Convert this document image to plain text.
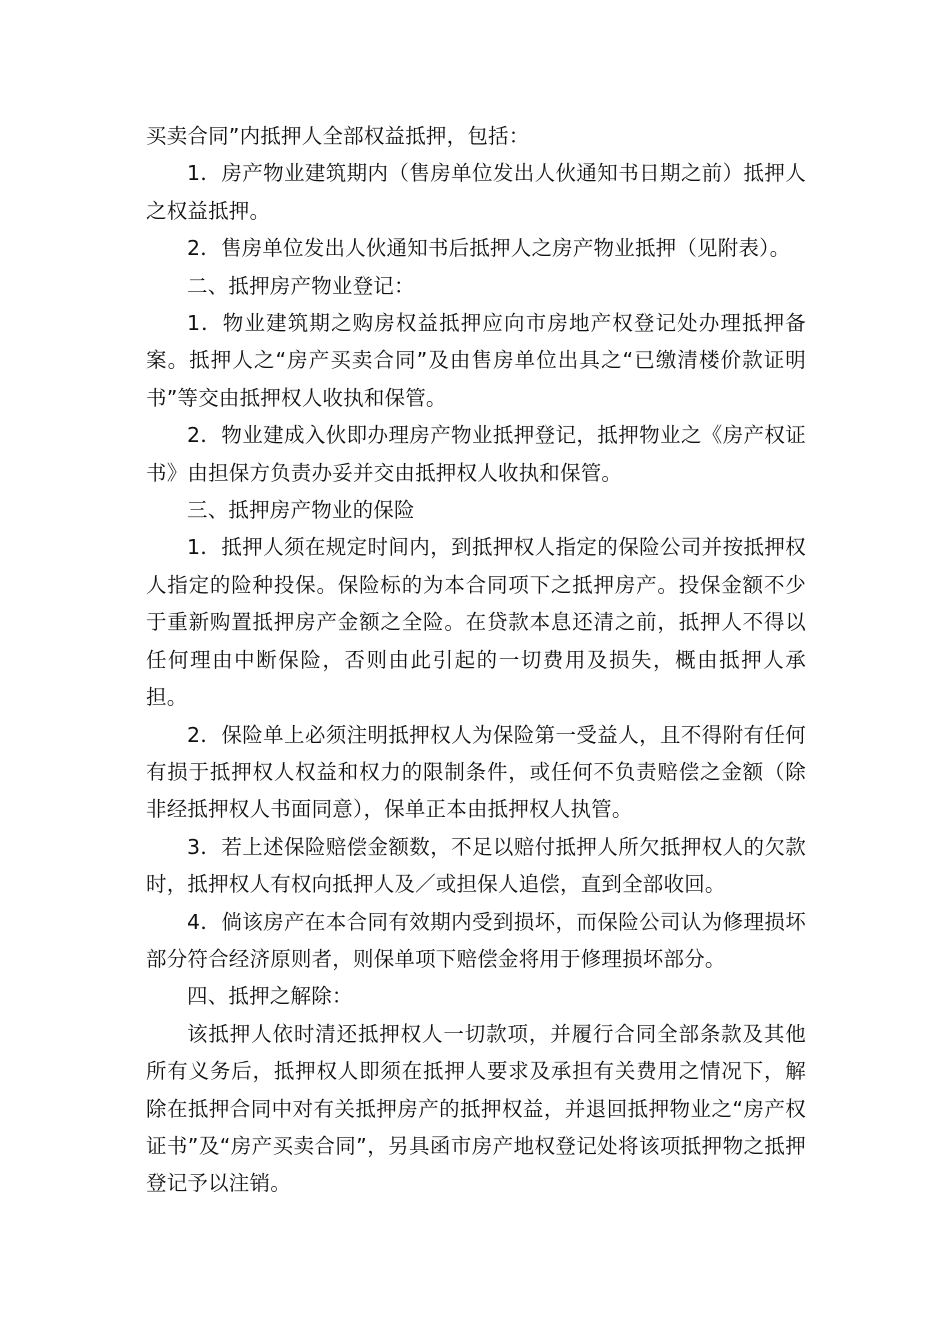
买卖合同”内抵押人全部权益抵押，包括：

1．房产物业建筑期内（售房单位发出人伙通知书日期之前）抵押人之权益抵押。

2．售房单位发出人伙通知书后抵押人之房产物业抵押（见附表）。

二、抵押房产物业登记：

1．物业建筑期之购房权益抵押应向市房地产权登记处办理抵押备案。抵押人之“房产买卖合同”及由售房单位出具之“已缴清楼价款证明书”等交由抵押权人收执和保管。

2．物业建成入伙即办理房产物业抵押登记，抵押物业之《房产权证书》由担保方负责办妥并交由抵押权人收执和保管。

三、抵押房产物业的保险

1．抵押人须在规定时间内，到抵押权人指定的保险公司并按抵押权人指定的险种投保。保险标的为本合同项下之抵押房产。投保金额不少于重新购置抵押房产金额之全险。在贷款本息还清之前，抵押人不得以任何理由中断保险，否则由此引起的一切费用及损失，概由抵押人承担。

2．保险单上必须注明抵押权人为保险第一受益人，且不得附有任何有损于抵押权人权益和权力的限制条件，或任何不负责赔偿之金额（除非经抵押权人书面同意），保单正本由抵押权人执管。

3．若上述保险赔偿金额数，不足以赔付抵押人所欠抵押权人的欠款时，抵押权人有权向抵押人及／或担保人追偿，直到全部收回。

4．倘该房产在本合同有效期内受到损坏，而保险公司认为修理损坏部分符合经济原则者，则保单项下赔偿金将用于修理损坏部分。

四、抵押之解除：

该抵押人依时清还抵押权人一切款项，并履行合同全部条款及其他所有义务后，抵押权人即须在抵押人要求及承担有关费用之情况下，解除在抵押合同中对有关抵押房产的抵押权益，并退回抵押物业之“房产权证书”及“房产买卖合同”，另具函市房产地权登记处将该项抵押物之抵押登记予以注销。
